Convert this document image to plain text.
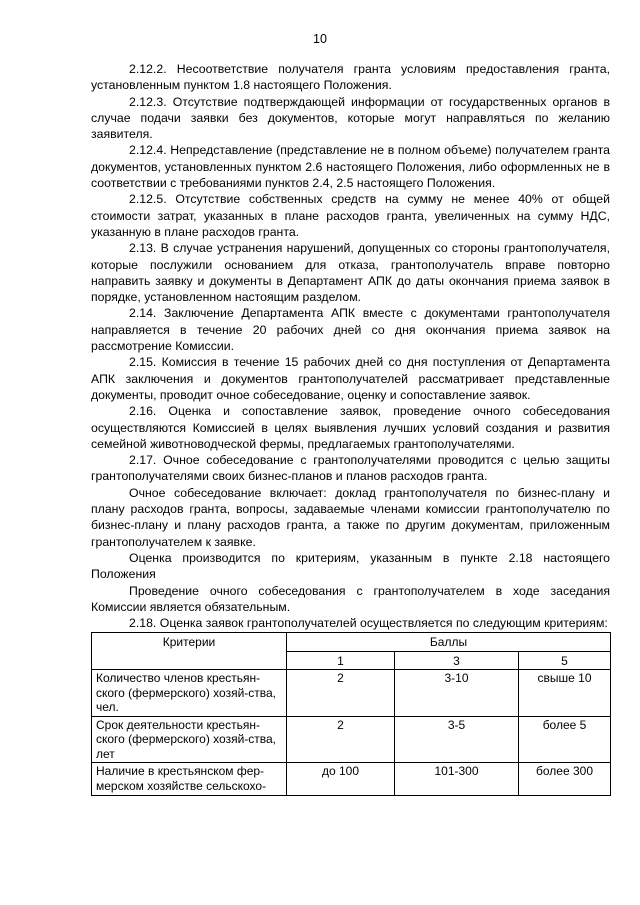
10

2.12.2. Несоответствие получателя гранта условиям предоставления гранта, установленным пунктом 1.8 настоящего Положения.

2.12.3. Отсутствие подтверждающей информации от государственных органов в случае подачи заявки без документов, которые могут направляться по желанию заявителя.

2.12.4. Непредставление (представление не в полном объеме) получателем гранта документов, установленных пунктом 2.6 настоящего Положения, либо оформленных не в соответствии с требованиями пунктов 2.4, 2.5 настоящего Положения.

2.12.5. Отсутствие собственных средств на сумму не менее 40% от общей стоимости затрат, указанных в плане расходов гранта, увеличенных на сумму НДС, указанную в плане расходов гранта.

2.13. В случае устранения нарушений, допущенных со стороны грантополучателя, которые послужили основанием для отказа, грантополучатель вправе повторно направить заявку и документы в Департамент АПК до даты окончания приема заявок в порядке, установленном настоящим разделом.

2.14. Заключение Департамента АПК вместе с документами грантополучателя направляется в течение 20 рабочих дней со дня окончания приема заявок на рассмотрение Комиссии.

2.15. Комиссия в течение 15 рабочих дней со дня поступления от Департамента АПК заключения и документов грантополучателей рассматривает представленные документы, проводит очное собеседование, оценку и сопоставление заявок.

2.16. Оценка и сопоставление заявок, проведение очного собеседования осуществляются Комиссией в целях выявления лучших условий создания и развития семейной животноводческой фермы, предлагаемых грантополучателями.

2.17. Очное собеседование с грантополучателями проводится с целью защиты грантополучателями своих бизнес-планов и планов расходов гранта.

Очное собеседование включает: доклад грантополучателя по бизнес-плану и плану расходов гранта, вопросы, задаваемые членами комиссии грантополучателю по бизнес-плану и плану расходов гранта, а также по другим документам, приложенным грантополучателем к заявке.

Оценка производится по критериям, указанным в пункте 2.18 настоящего Положения

Проведение очного собеседования с грантополучателем в ходе заседания Комиссии является обязательным.

2.18. Оценка заявок грантополучателей осуществляется по следующим критериям:

Критерии	Баллы		
	1	3	5
Количество членов крестьян-ского (фермерского) хозяй-ства, чел.	2	3-10	свыше 10
Срок деятельности крестьян-ского (фермерского) хозяй-ства, лет	2	3-5	более 5
Наличие в крестьянском фер-мерском хозяйстве сельскохо-	до 100	101-300	более 300
